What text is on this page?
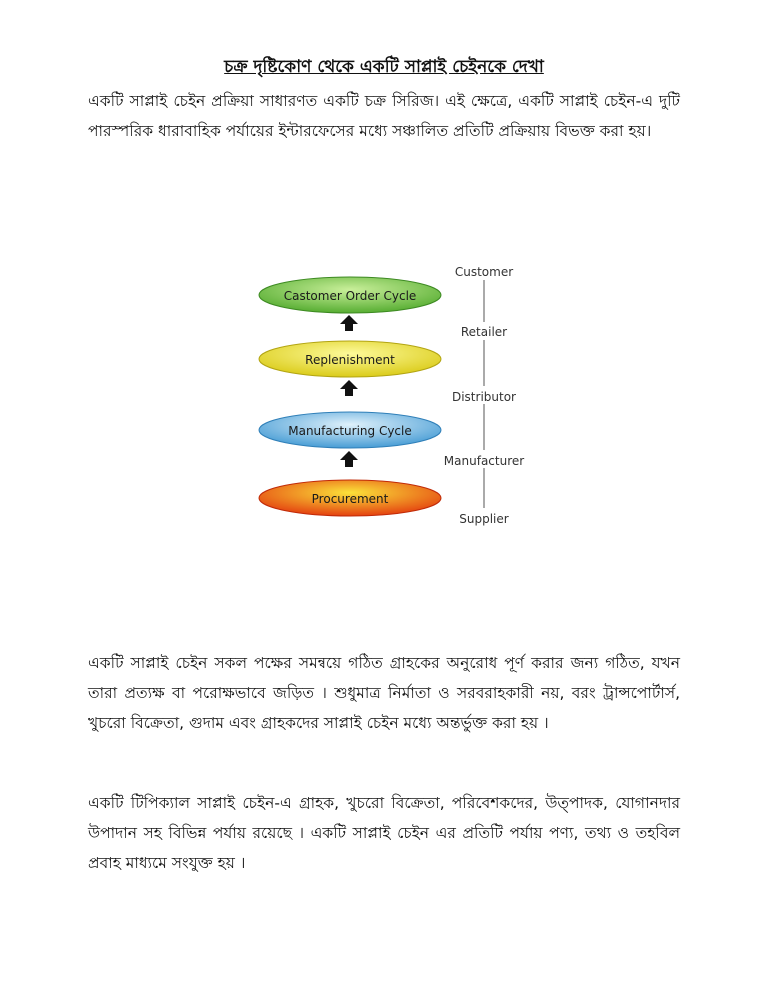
চক্র দৃষ্টিকোণ থেকে একটি সাপ্লাই চেইনকে দেখা

একটি সাপ্লাই চেইন প্রক্রিয়া সাধারণত একটি চক্র সিরিজ। এই ক্ষেত্রে, একটি সাপ্লাই চেইন-এ দুটি পারস্পরিক ধারাবাহিক পর্যায়ের ইন্টারফেসের মধ্যে সঞ্চালিত প্রতিটি প্রক্রিয়ায় বিভক্ত করা হয়।

Castomer Order Cycle
Replenishment
Manufacturing Cycle
Procurement
Customer
Retailer
Distributor
Manufacturer
Supplier

একটি সাপ্লাই চেইন সকল পক্ষের সমন্বয়ে গঠিত গ্রাহকের অনুরোধ পূর্ণ করার জন্য গঠিত, যখন তারা প্রত্যক্ষ বা পরোক্ষভাবে জড়িত । শুধুমাত্র নির্মাতা ও সরবরাহকারী নয়, বরং ট্রান্সপোর্টার্স, খুচরো বিক্রেতা, গুদাম এবং গ্রাহকদের সাপ্লাই চেইন মধ্যে অন্তর্ভুক্ত করা হয় ।

একটি টিপিক্যাল সাপ্লাই চেইন-এ গ্রাহক, খুচরো বিক্রেতা, পরিবেশকদের, উত্পাদক, যোগানদার উপাদান সহ বিভিন্ন পর্যায় রয়েছে । একটি সাপ্লাই চেইন এর প্রতিটি পর্যায় পণ্য, তথ্য ও তহবিল প্রবাহ মাধ্যমে সংযুক্ত হয় ।
